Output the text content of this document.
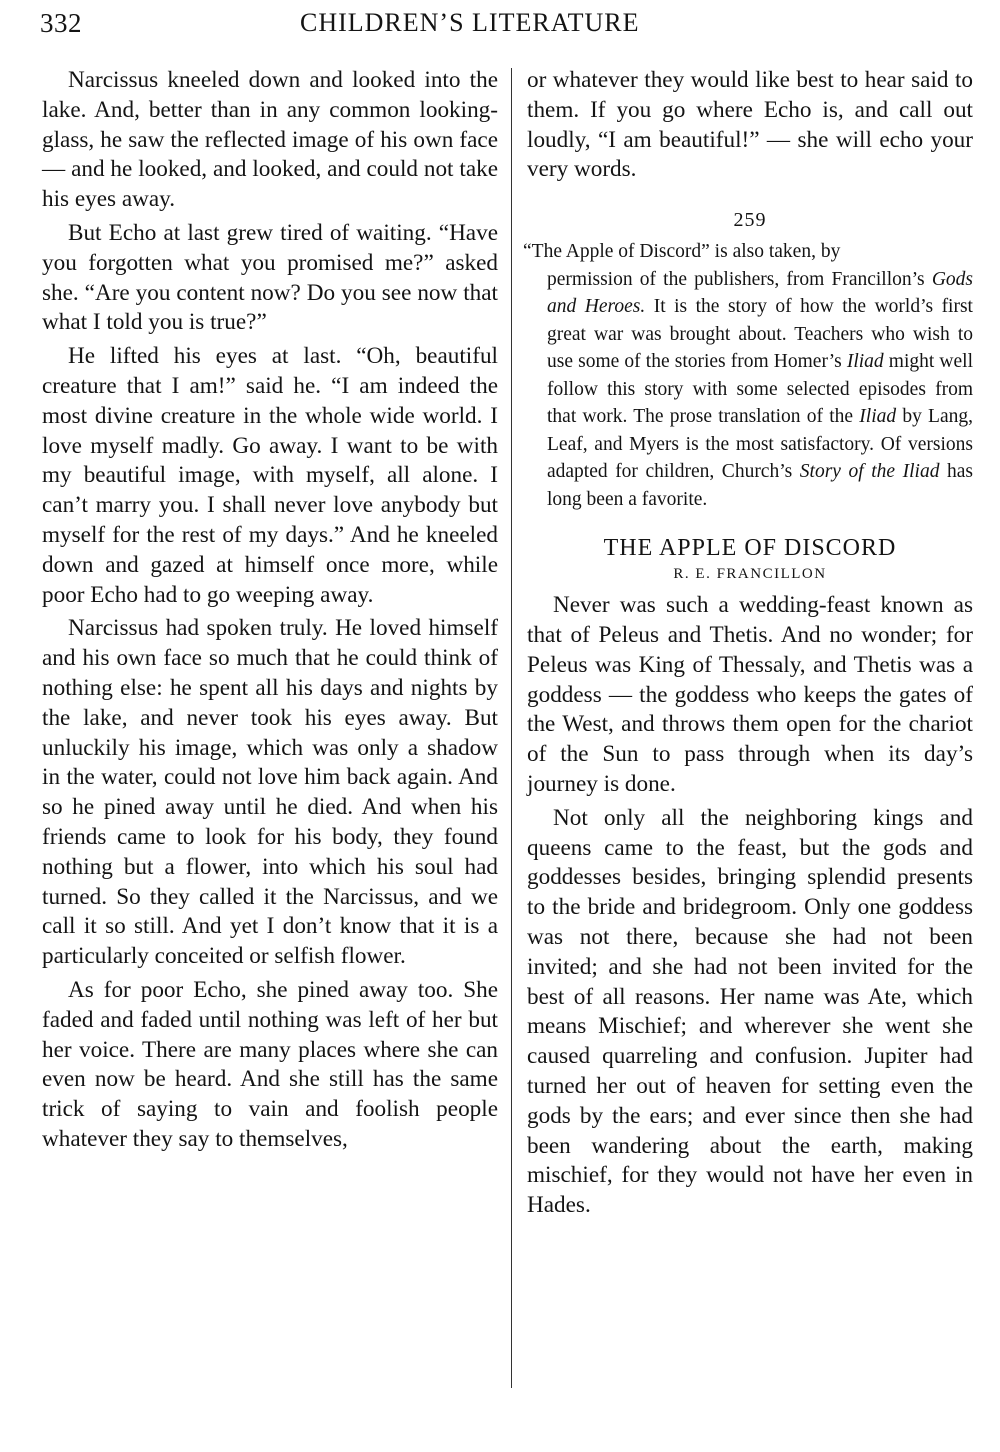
332	CHILDREN’S LITERATURE

Narcissus kneeled down and looked into the lake. And, better than in any common looking-glass, he saw the reflected image of his own face — and he looked, and looked, and could not take his eyes away.

But Echo at last grew tired of waiting. “Have you forgotten what you promised me?” asked she. “Are you content now? Do you see now that what I told you is true?”

He lifted his eyes at last. “Oh, beautiful creature that I am!” said he. “I am indeed the most divine creature in the whole wide world. I love myself madly. Go away. I want to be with my beautiful image, with myself, all alone. I can’t marry you. I shall never love anybody but myself for the rest of my days.” And he kneeled down and gazed at himself once more, while poor Echo had to go weeping away.

Narcissus had spoken truly. He loved himself and his own face so much that he could think of nothing else: he spent all his days and nights by the lake, and never took his eyes away. But unluckily his image, which was only a shadow in the water, could not love him back again. And so he pined away until he died. And when his friends came to look for his body, they found nothing but a flower, into which his soul had turned. So they called it the Narcissus, and we call it so still. And yet I don’t know that it is a particularly conceited or selfish flower.

As for poor Echo, she pined away too. She faded and faded until nothing was left of her but her voice. There are many places where she can even now be heard. And she still has the same trick of saying to vain and foolish people whatever they say to themselves,

or whatever they would like best to hear said to them. If you go where Echo is, and call out loudly, “I am beautiful!” — she will echo your very words.

259

“The Apple of Discord” is also taken, by
permission of the publishers, from Francillon’s Gods and Heroes. It is the story of how the world’s first great war was brought about. Teachers who wish to use some of the stories from Homer’s Iliad might well follow this story with some selected episodes from that work. The prose translation of the Iliad by Lang, Leaf, and Myers is the most satisfactory. Of versions adapted for children, Church’s Story of the Iliad has long been a favorite.

THE APPLE OF DISCORD
R. E. FRANCILLON

Never was such a wedding-feast known as that of Peleus and Thetis. And no wonder; for Peleus was King of Thessaly, and Thetis was a goddess — the goddess who keeps the gates of the West, and throws them open for the chariot of the Sun to pass through when its day’s journey is done.

Not only all the neighboring kings and queens came to the feast, but the gods and goddesses besides, bringing splendid presents to the bride and bridegroom. Only one goddess was not there, because she had not been invited; and she had not been invited for the best of all reasons. Her name was Ate, which means Mischief; and wherever she went she caused quarreling and confusion. Jupiter had turned her out of heaven for setting even the gods by the ears; and ever since then she had been wandering about the earth, making mischief, for they would not have her even in Hades.
